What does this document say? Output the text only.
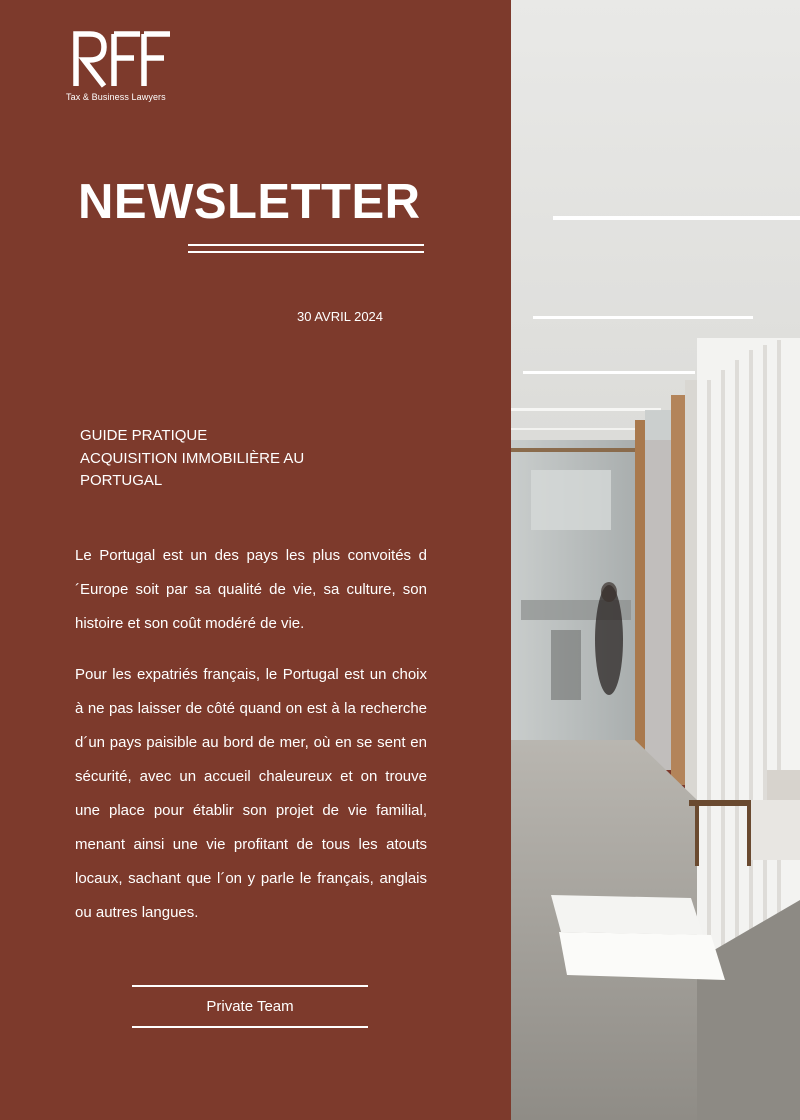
Tax & Business Lawyers
NEWSLETTER
30 AVRIL 2024
GUIDE PRATIQUE
ACQUISITION IMMOBILIÈRE AU
PORTUGAL

Le Portugal est un des pays les plus convoités d´Europe soit par sa qualité de vie, sa culture, son histoire et son coût modéré de vie.

Pour les expatriés français, le Portugal est un choix à ne pas laisser de côté quand on est à la recherche d´un pays paisible au bord de mer, où en se sent en sécurité, avec un accueil chaleureux et on trouve une place pour établir son projet de vie familial, menant ainsi une vie profitant de tous les atouts locaux, sachant que l´on y parle le français, anglais ou autres langues.

Private Team
